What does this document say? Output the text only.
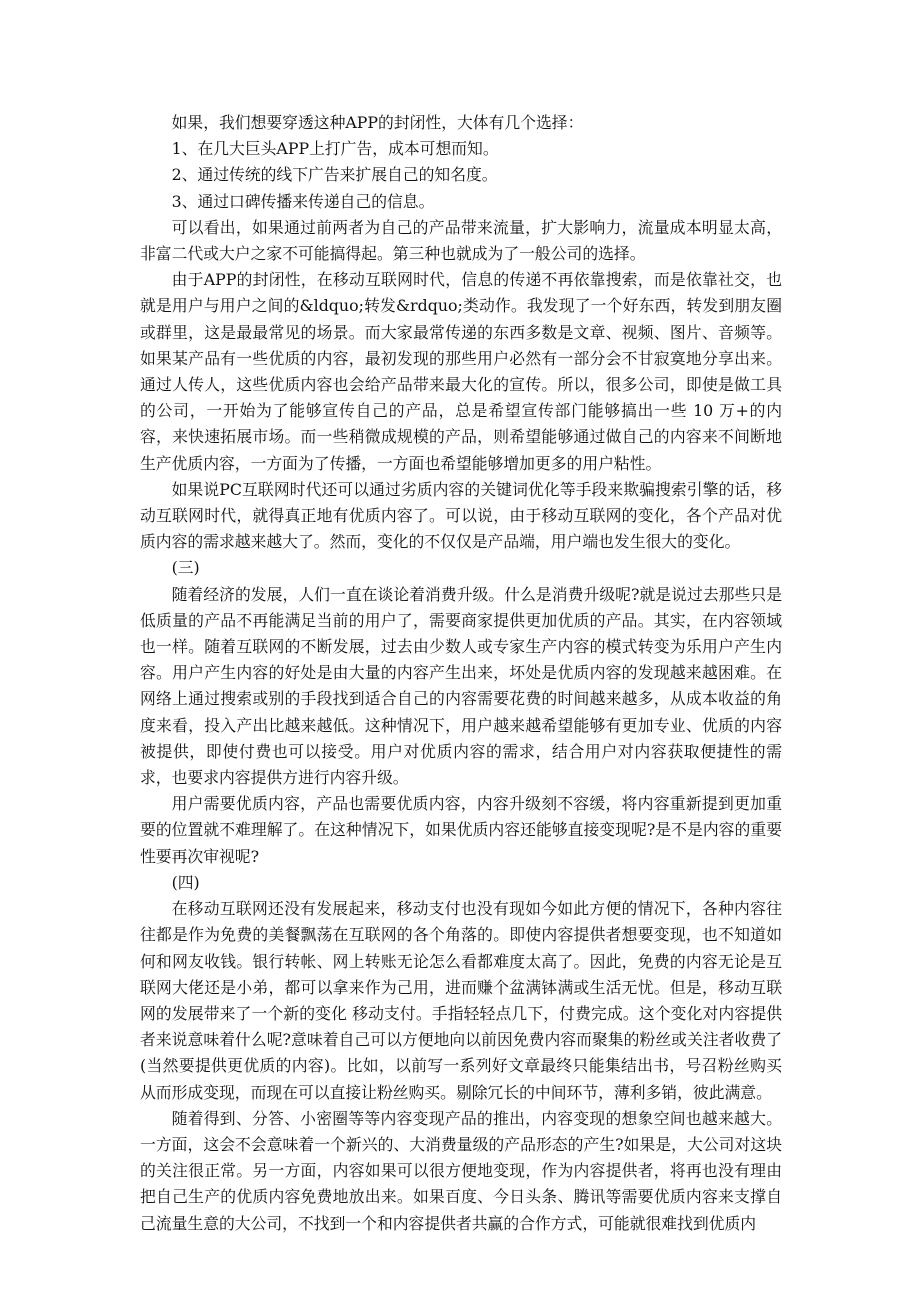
如果，我们想要穿透这种APP的封闭性，大体有几个选择：

1、在几大巨头APP上打广告，成本可想而知。

2、通过传统的线下广告来扩展自己的知名度。

3、通过口碑传播来传递自己的信息。

可以看出，如果通过前两者为自己的产品带来流量，扩大影响力，流量成本明显太高，非富二代或大户之家不可能搞得起。第三种也就成为了一般公司的选择。

由于APP的封闭性，在移动互联网时代，信息的传递不再依靠搜索，而是依靠社交，也就是用户与用户之间的&ldquo;转发&rdquo;类动作。我发现了一个好东西，转发到朋友圈或群里，这是最最常见的场景。而大家最常传递的东西多数是文章、视频、图片、音频等。如果某产品有一些优质的内容，最初发现的那些用户必然有一部分会不甘寂寞地分享出来。通过人传人，这些优质内容也会给产品带来最大化的宣传。所以，很多公司，即使是做工具的公司，一开始为了能够宣传自己的产品，总是希望宣传部门能够搞出一些 10 万+的内容，来快速拓展市场。而一些稍微成规模的产品，则希望能够通过做自己的内容来不间断地生产优质内容，一方面为了传播，一方面也希望能够增加更多的用户粘性。

如果说PC互联网时代还可以通过劣质内容的关键词优化等手段来欺骗搜索引擎的话，移动互联网时代，就得真正地有优质内容了。可以说，由于移动互联网的变化，各个产品对优质内容的需求越来越大了。然而，变化的不仅仅是产品端，用户端也发生很大的变化。

(三)

随着经济的发展，人们一直在谈论着消费升级。什么是消费升级呢?就是说过去那些只是低质量的产品不再能满足当前的用户了，需要商家提供更加优质的产品。其实，在内容领域也一样。随着互联网的不断发展，过去由少数人或专家生产内容的模式转变为乐用户产生内容。用户产生内容的好处是由大量的内容产生出来，坏处是优质内容的发现越来越困难。在网络上通过搜索或别的手段找到适合自己的内容需要花费的时间越来越多，从成本收益的角度来看，投入产出比越来越低。这种情况下，用户越来越希望能够有更加专业、优质的内容被提供，即使付费也可以接受。用户对优质内容的需求，结合用户对内容获取便捷性的需求，也要求内容提供方进行内容升级。

用户需要优质内容，产品也需要优质内容，内容升级刻不容缓，将内容重新提到更加重要的位置就不难理解了。在这种情况下，如果优质内容还能够直接变现呢?是不是内容的重要性要再次审视呢?

(四)

在移动互联网还没有发展起来，移动支付也没有现如今如此方便的情况下，各种内容往往都是作为免费的美餐飘荡在互联网的各个角落的。即使内容提供者想要变现，也不知道如何和网友收钱。银行转帐、网上转账无论怎么看都难度太高了。因此，免费的内容无论是互联网大佬还是小弟，都可以拿来作为己用，进而赚个盆满钵满或生活无忧。但是，移动互联网的发展带来了一个新的变化 移动支付。手指轻轻点几下，付费完成。这个变化对内容提供者来说意味着什么呢?意味着自己可以方便地向以前因免费内容而聚集的粉丝或关注者收费了(当然要提供更优质的内容)。比如，以前写一系列好文章最终只能集结出书，号召粉丝购买从而形成变现，而现在可以直接让粉丝购买。剔除冗长的中间环节，薄利多销，彼此满意。

随着得到、分答、小密圈等等内容变现产品的推出，内容变现的想象空间也越来越大。一方面，这会不会意味着一个新兴的、大消费量级的产品形态的产生?如果是，大公司对这块的关注很正常。另一方面，内容如果可以很方便地变现，作为内容提供者，将再也没有理由把自己生产的优质内容免费地放出来。如果百度、今日头条、腾讯等需要优质内容来支撑自己流量生意的大公司，不找到一个和内容提供者共赢的合作方式，可能就很难找到优质内
